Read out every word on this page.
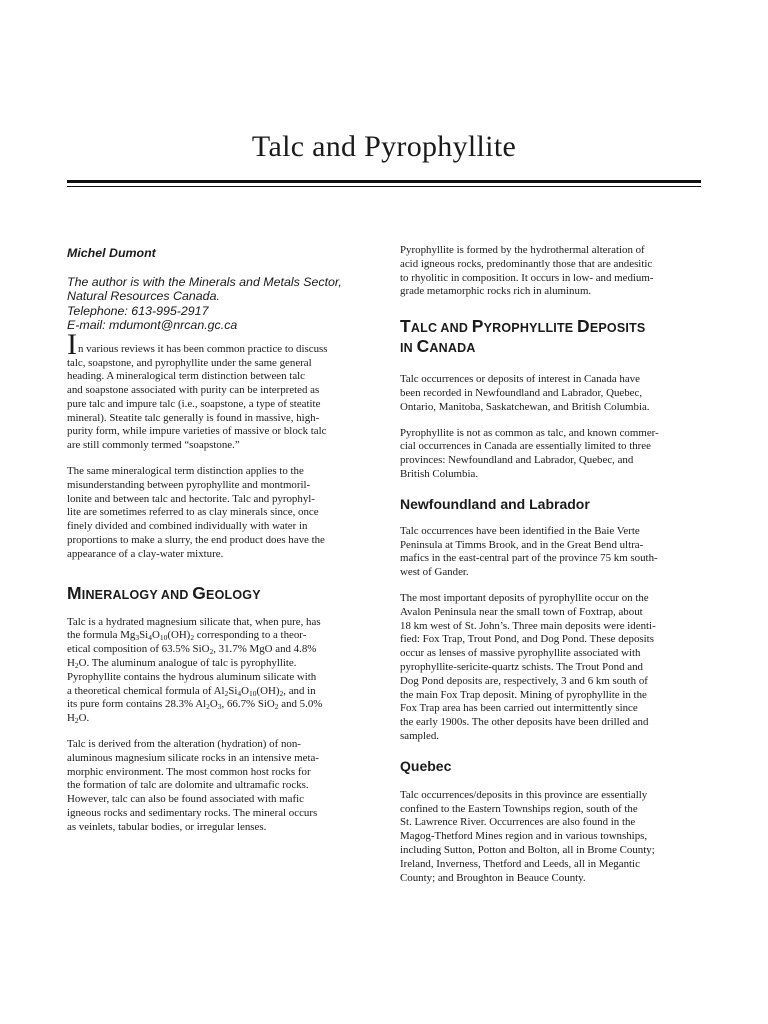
Talc and Pyrophyllite

Michel Dumont

The author is with the Minerals and Metals Sector,
Natural Resources Canada.
Telephone: 613-995-2917
E-mail: mdumont@nrcan.gc.ca

In various reviews it has been common practice to discuss
talc, soapstone, and pyrophyllite under the same general
heading. A mineralogical term distinction between talc
and soapstone associated with purity can be interpreted as
pure talc and impure talc (i.e., soapstone, a type of steatite
mineral). Steatite talc generally is found in massive, high-
purity form, while impure varieties of massive or block talc
are still commonly termed “soapstone.”

The same mineralogical term distinction applies to the
misunderstanding between pyrophyllite and montmoril-
lonite and between talc and hectorite. Talc and pyrophyl-
lite are sometimes referred to as clay minerals since, once
finely divided and combined individually with water in
proportions to make a slurry, the end product does have the
appearance of a clay-water mixture.

MINERALOGY AND GEOLOGY

Talc is a hydrated magnesium silicate that, when pure, has
the formula $Mg_3Si_4O_{10}(OH)_2$ corresponding to a theor-
etical composition of 63.5% SiO$_2$, 31.7% MgO and 4.8%
$H_2O$. The aluminum analogue of talc is pyrophyllite.
Pyrophyllite contains the hydrous aluminum silicate with
a theoretical chemical formula of $Al_2Si_4O_{10}(OH)_2$, and in
its pure form contains 28.3% $Al_2O_3$, 66.7% SiO$_2$ and 5.0%
$H_2O$.

Talc is derived from the alteration (hydration) of non-
aluminous magnesium silicate rocks in an intensive meta-
morphic environment. The most common host rocks for
the formation of talc are dolomite and ultramafic rocks.
However, talc can also be found associated with mafic
igneous rocks and sedimentary rocks. The mineral occurs
as veinlets, tabular bodies, or irregular lenses.

Pyrophyllite is formed by the hydrothermal alteration of
acid igneous rocks, predominantly those that are andesitic
to rhyolitic in composition. It occurs in low- and medium-
grade metamorphic rocks rich in aluminum.

TALC AND PYROPHYLLITE DEPOSITS
IN CANADA

Talc occurrences or deposits of interest in Canada have
been recorded in Newfoundland and Labrador, Quebec,
Ontario, Manitoba, Saskatchewan, and British Columbia.

Pyrophyllite is not as common as talc, and known commer-
cial occurrences in Canada are essentially limited to three
provinces: Newfoundland and Labrador, Quebec, and
British Columbia.

Newfoundland and Labrador

Talc occurrences have been identified in the Baie Verte
Peninsula at Timms Brook, and in the Great Bend ultra-
mafics in the east-central part of the province 75 km south-
west of Gander.

The most important deposits of pyrophyllite occur on the
Avalon Peninsula near the small town of Foxtrap, about
18 km west of St. John’s. Three main deposits were identi-
fied: Fox Trap, Trout Pond, and Dog Pond. These deposits
occur as lenses of massive pyrophyllite associated with
pyrophyllite-sericite-quartz schists. The Trout Pond and
Dog Pond deposits are, respectively, 3 and 6 km south of
the main Fox Trap deposit. Mining of pyrophyllite in the
Fox Trap area has been carried out intermittently since
the early 1900s. The other deposits have been drilled and
sampled.

Quebec

Talc occurrences/deposits in this province are essentially
confined to the Eastern Townships region, south of the
St. Lawrence River. Occurrences are also found in the
Magog-Thetford Mines region and in various townships,
including Sutton, Potton and Bolton, all in Brome County;
Ireland, Inverness, Thetford and Leeds, all in Megantic
County; and Broughton in Beauce County.
